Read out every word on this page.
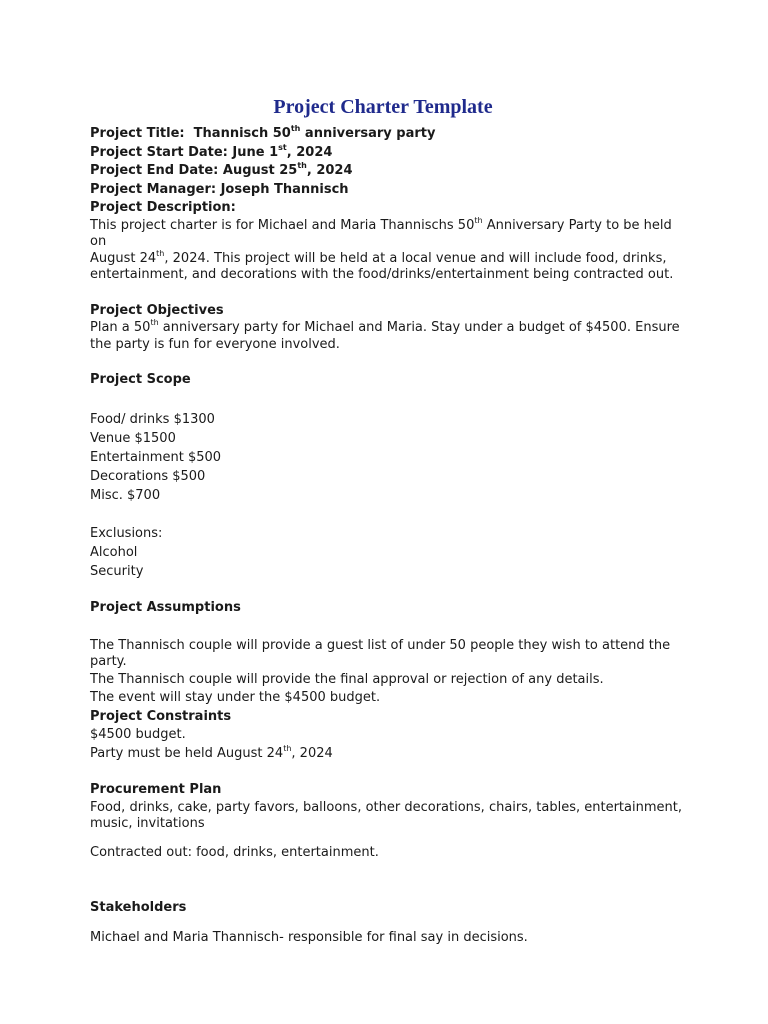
Project Charter Template

Project Title: Thannisch 50th anniversary party

Project Start Date: June 1st, 2024

Project End Date: August 25th, 2024

Project Manager: Joseph Thannisch

Project Description:

This project charter is for Michael and Maria Thannischs 50th Anniversary Party to be held on

August 24th, 2024. This project will be held at a local venue and will include food, drinks,

entertainment, and decorations with the food/drinks/entertainment being contracted out.

Project Objectives

Plan a 50th anniversary party for Michael and Maria. Stay under a budget of $4500. Ensure

the party is fun for everyone involved.

Project Scope

Food/ drinks $1300
Venue $1500
Entertainment $500
Decorations $500
Misc. $700

Exclusions:

Alcohol
Security

Project Assumptions

The Thannisch couple will provide a guest list of under 50 people they wish to attend the

party.

The Thannisch couple will provide the final approval or rejection of any details.

The event will stay under the $4500 budget.

Project Constraints

$4500 budget.

Party must be held August 24th, 2024

Procurement Plan

Food, drinks, cake, party favors, balloons, other decorations, chairs, tables, entertainment,

music, invitations

Contracted out: food, drinks, entertainment.

Stakeholders

Michael and Maria Thannisch- responsible for final say in decisions.
